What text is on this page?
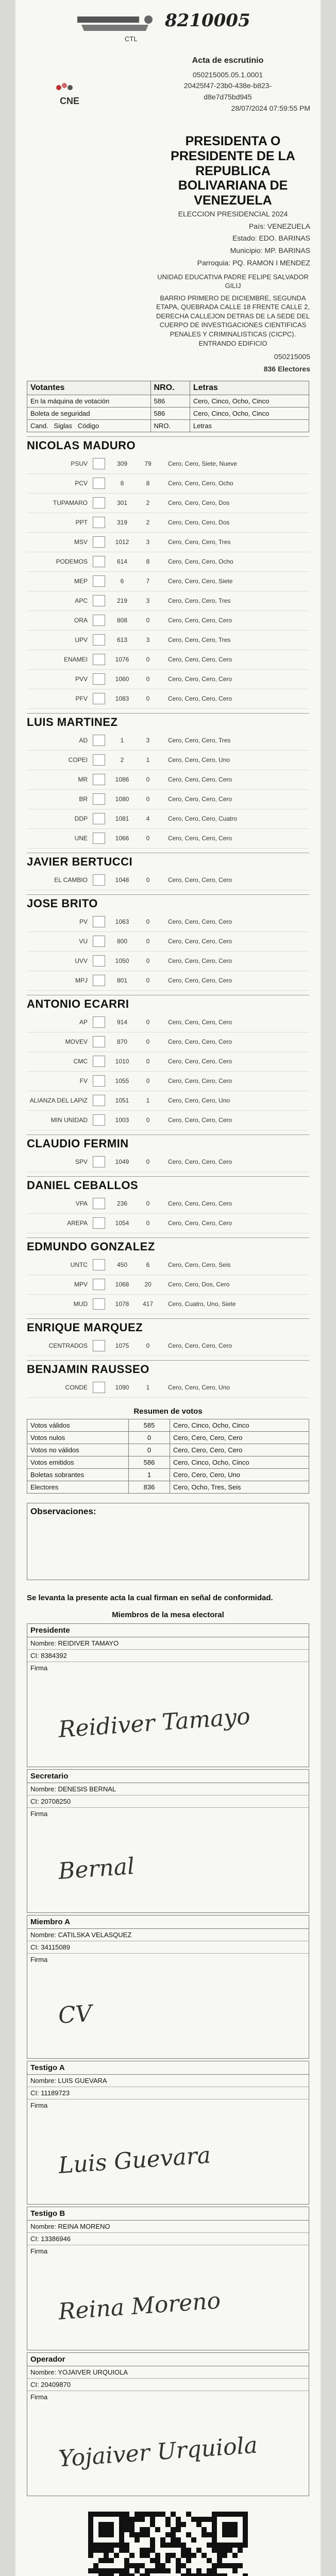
8210005
CTL
CNE
Acta de escrutinio
050215005.05.1.0001
20425f47-23b0-438e-b823-
d8e7d75bd945
28/07/2024 07:59:55 PM
PRESIDENTA O
PRESIDENTE DE LA
REPUBLICA
BOLIVARIANA DE
VENEZUELA
ELECCION PRESIDENCIAL 2024
País: VENEZUELA
Estado: EDO. BARINAS
Municipio: MP. BARINAS
Parroquia: PQ. RAMON I MENDEZ
UNIDAD EDUCATIVA PADRE FELIPE SALVADOR GILIJ
BARRIO PRIMERO DE DICIEMBRE, SEGUNDA ETAPA, QUEBRADA CALLE 18 FRENTE CALLE 2, DERECHA CALLEJON DETRAS DE LA SEDE DEL CUERPO DE INVESTIGACIONES CIENTIFICAS PENALES Y CRIMINALISTICAS (CICPC). ENTRANDO EDIFICIO
050215005
836 Electores
Votantes	NRO.	Letras
En la máquina de votación	586	Cero, Cinco, Ocho, Cinco
Boleta de seguridad	586	Cero, Cinco, Ocho, Cinco
Cand. Siglas Código	NRO.	Letras
NICOLAS MADURO
PSUV	309	79	Cero, Cero, Siete, Nueve
PCV	8	8	Cero, Cero, Cero, Ocho
TUPAMARO	301	2	Cero, Cero, Cero, Dos
PPT	319	2	Cero, Cero, Cero, Dos
MSV	1012	3	Cero, Cero, Cero, Tres
PODEMOS	614	8	Cero, Cero, Cero, Ocho
MEP	6	7	Cero, Cero, Cero, Siete
APC	219	3	Cero, Cero, Cero, Tres
ORA	808	0	Cero, Cero, Cero, Cero
UPV	613	3	Cero, Cero, Cero, Tres
ENAMEI	1076	0	Cero, Cero, Cero, Cero
PVV	1060	0	Cero, Cero, Cero, Cero
PFV	1083	0	Cero, Cero, Cero, Cero
LUIS MARTINEZ
AD	1	3	Cero, Cero, Cero, Tres
COPEI	2	1	Cero, Cero, Cero, Uno
MR	1086	0	Cero, Cero, Cero, Cero
BR	1080	0	Cero, Cero, Cero, Cero
DDP	1081	4	Cero, Cero, Cero, Cuatro
UNE	1066	0	Cero, Cero, Cero, Cero
JAVIER BERTUCCI
EL CAMBIO	1048	0	Cero, Cero, Cero, Cero
JOSE BRITO
PV	1063	0	Cero, Cero, Cero, Cero
VU	800	0	Cero, Cero, Cero, Cero
UVV	1050	0	Cero, Cero, Cero, Cero
MPJ	801	0	Cero, Cero, Cero, Cero
ANTONIO ECARRI
AP	914	0	Cero, Cero, Cero, Cero
MOVEV	870	0	Cero, Cero, Cero, Cero
CMC	1010	0	Cero, Cero, Cero, Cero
FV	1055	0	Cero, Cero, Cero, Cero
ALIANZA DEL LAPIZ	1051	1	Cero, Cero, Cero, Uno
MIN UNIDAD	1003	0	Cero, Cero, Cero, Cero
CLAUDIO FERMIN
SPV	1049	0	Cero, Cero, Cero, Cero
DANIEL CEBALLOS
VPA	236	0	Cero, Cero, Cero, Cero
AREPA	1054	0	Cero, Cero, Cero, Cero
EDMUNDO GONZALEZ
UNTC	450	6	Cero, Cero, Cero, Seis
MPV	1068	20	Cero, Cero, Dos, Cero
MUD	1078	417	Cero, Cuatro, Uno, Siete
ENRIQUE MARQUEZ
CENTRADOS	1075	0	Cero, Cero, Cero, Cero
BENJAMIN RAUSSEO
CONDE	1090	1	Cero, Cero, Cero, Uno
Resumen de votos
Votos válidos	585	Cero, Cinco, Ocho, Cinco
Votos nulos	0	Cero, Cero, Cero, Cero
Votos no válidos	0	Cero, Cero, Cero, Cero
Votos emitidos	586	Cero, Cinco, Ocho, Cinco
Boletas sobrantes	1	Cero, Cero, Cero, Uno
Electores	836	Cero, Ocho, Tres, Seis
Observaciones:
Se levanta la presente acta la cual firman en señal de conformidad.
Miembros de la mesa electoral
Presidente
Nombre: REIDIVER TAMAYO
CI: 8384392
Firma
Reidiver Tamayo
Secretario
Nombre: DENESIS BERNAL
CI: 20708250
Firma
Bernal
Miembro A
Nombre: CATILSKA VELASQUEZ
CI: 34115089
Firma
CV
Testigo A
Nombre: LUIS GUEVARA
CI: 11189723
Firma
Luis Guevara
Testigo B
Nombre: REINA MORENO
CI: 13386946
Firma
Reina Moreno
Operador
Nombre: YOJAIVER URQUIOLA
CI: 20409870
Firma
Yojaiver Urquiola
